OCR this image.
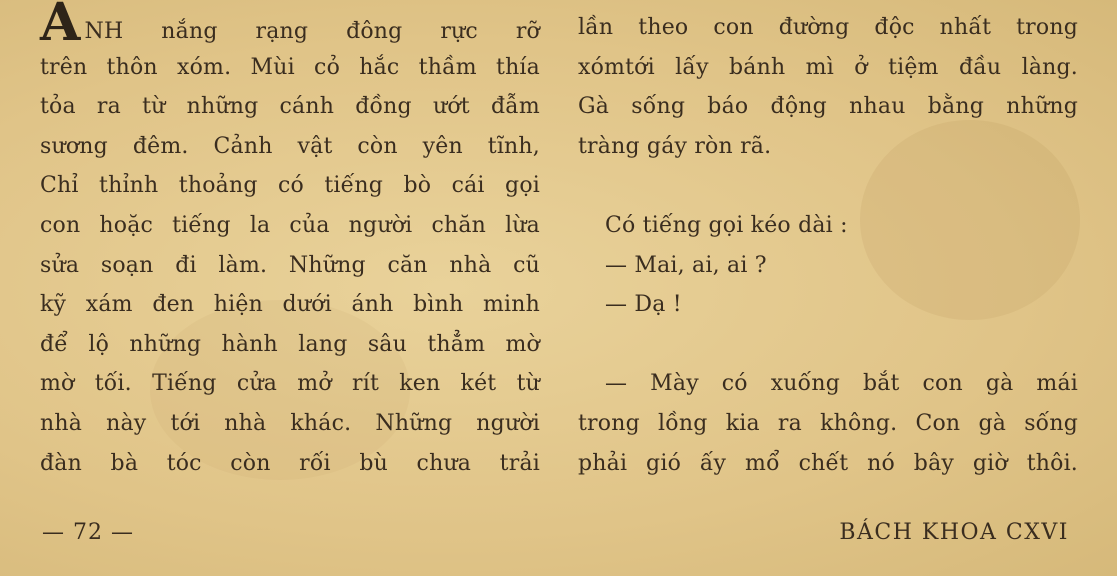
ANH nắng rạng đông rực rỡ
trên thôn xóm. Mùi cỏ hắc thầm thía
tỏa ra từ những cánh đồng ướt đẫm
sương đêm. Cảnh vật còn yên tĩnh,
Chỉ thỉnh thoảng có tiếng bò cái gọi
con hoặc tiếng la của người chăn lừa
sửa soạn đi làm. Những căn nhà cũ
kỹ xám đen hiện dưới ánh bình minh
để lộ những hành lang sâu thẳm mờ
mờ tối. Tiếng cửa mở rít ken két từ
nhà này tới nhà khác. Những người
đàn bà tóc còn rối bù chưa trải
lần theo con đường độc nhất trong
xómtới lấy bánh mì ở tiệm đầu làng.
Gà sống báo động nhau bằng những
tràng gáy ròn rã.
Có tiếng gọi kéo dài :
— Mai, ai, ai ?
— Dạ !
— Mày có xuống bắt con gà mái
trong lồng kia ra không. Con gà sống
phải gió ấy mổ chết nó bây giờ thôi.
— 72 —	BÁCH KHOA CXVI
